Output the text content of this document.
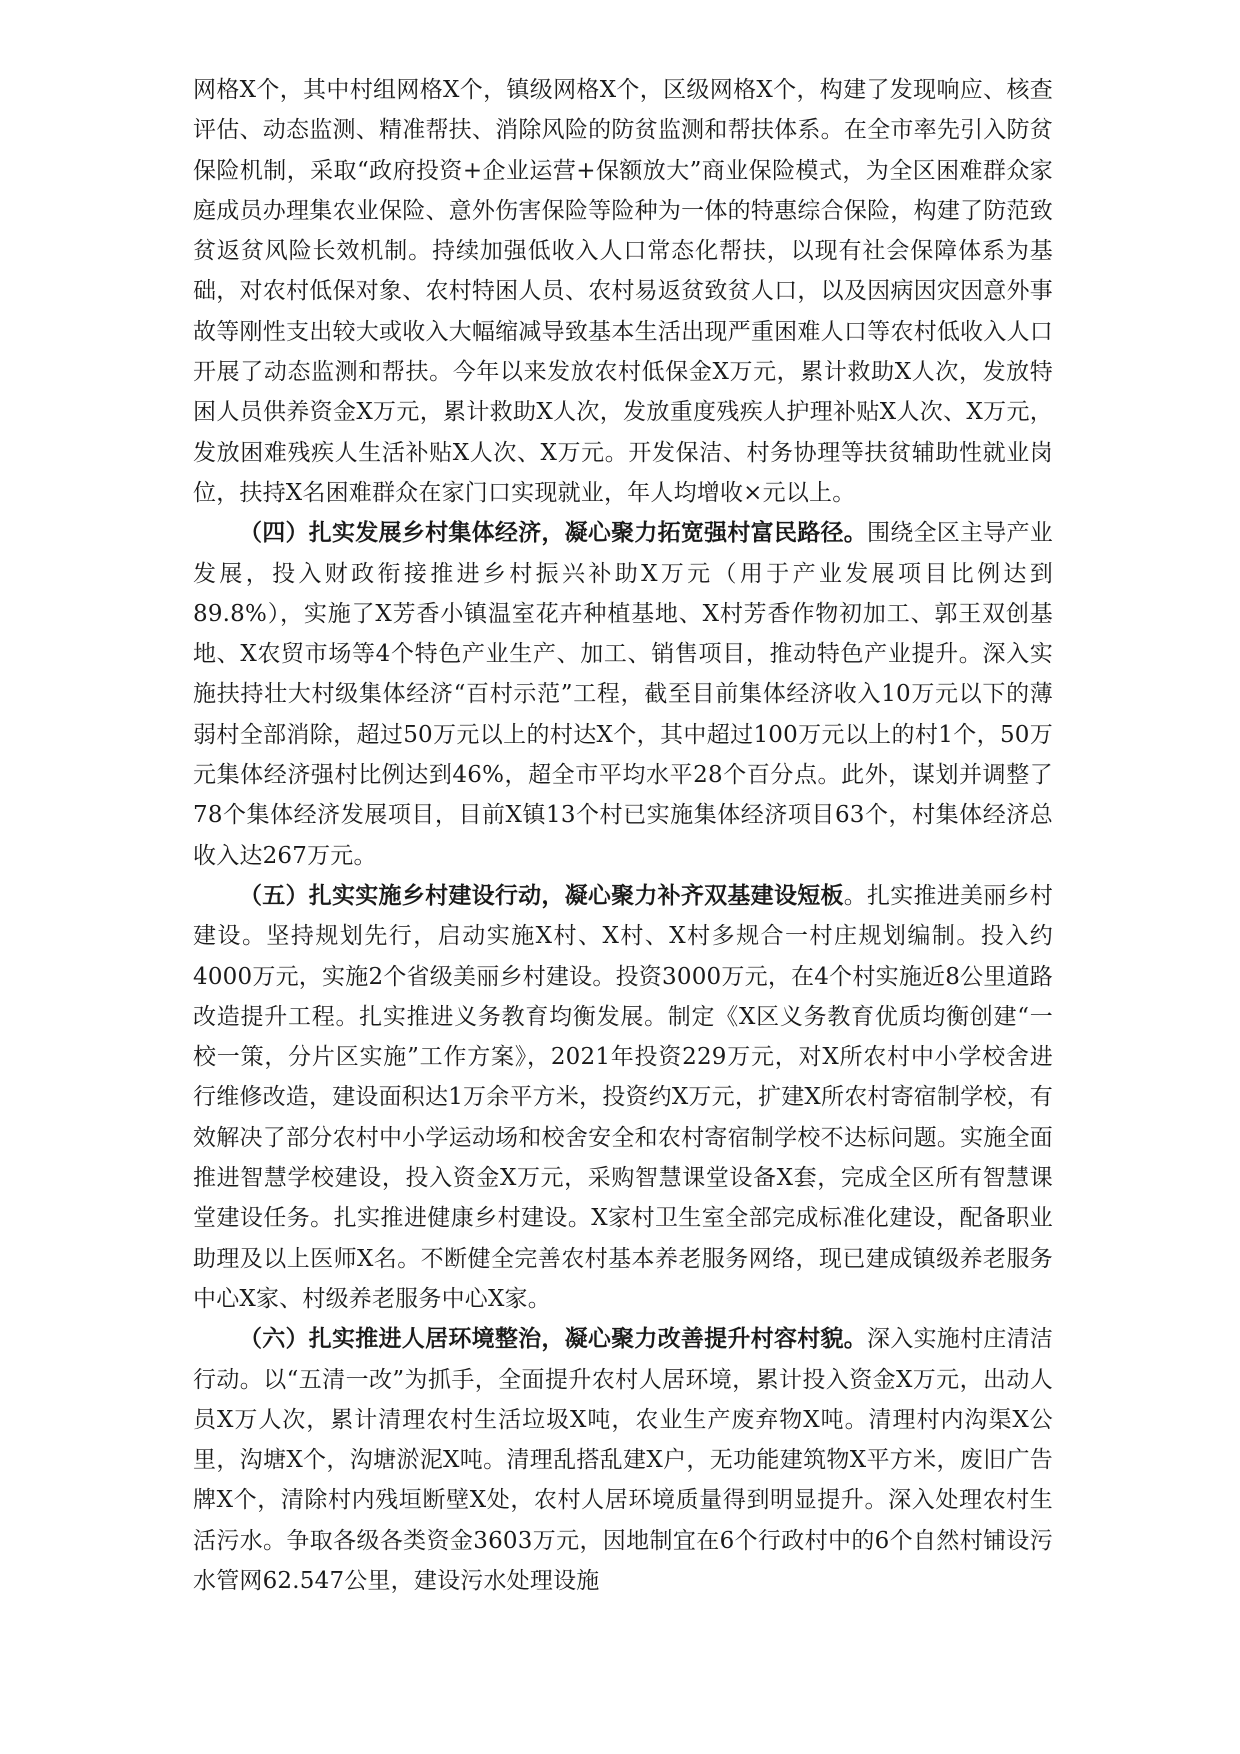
网格Ⅹ个，其中村组网格Ⅹ个，镇级网格Ⅹ个，区级网格Ⅹ个，构建了发现响应、核查评估、动态监测、精准帮扶、消除风险的防贫监测和帮扶体系。在全市率先引入防贫保险机制，采取“政府投资+企业运营+保额放大”商业保险模式，为全区困难群众家庭成员办理集农业保险、意外伤害保险等险种为一体的特惠综合保险，构建了防范致贫返贫风险长效机制。持续加强低收入人口常态化帮扶，以现有社会保障体系为基础，对农村低保对象、农村特困人员、农村易返贫致贫人口，以及因病因灾因意外事故等刚性支出较大或收入大幅缩减导致基本生活出现严重困难人口等农村低收入人口开展了动态监测和帮扶。今年以来发放农村低保金Ⅹ万元，累计救助Ⅹ人次，发放特困人员供养资金Ⅹ万元，累计救助Ⅹ人次，发放重度残疾人护理补贴Ⅹ人次、Ⅹ万元，发放困难残疾人生活补贴Ⅹ人次、Ⅹ万元。开发保洁、村务协理等扶贫辅助性就业岗位，扶持Ⅹ名困难群众在家门口实现就业，年人均增收×元以上。

（四）扎实发展乡村集体经济，凝心聚力拓宽强村富民路径。围绕全区主导产业发展，投入财政衔接推进乡村振兴补助Ⅹ万元（用于产业发展项目比例达到89.8%），实施了Ⅹ芳香小镇温室花卉种植基地、Ⅹ村芳香作物初加工、郭王双创基地、Ⅹ农贸市场等4个特色产业生产、加工、销售项目，推动特色产业提升。深入实施扶持壮大村级集体经济“百村示范”工程，截至目前集体经济收入10万元以下的薄弱村全部消除，超过50万元以上的村达Ⅹ个，其中超过100万元以上的村1个，50万元集体经济强村比例达到46%，超全市平均水平28个百分点。此外，谋划并调整了78个集体经济发展项目，目前Ⅹ镇13个村已实施集体经济项目63个，村集体经济总收入达267万元。

（五）扎实实施乡村建设行动，凝心聚力补齐双基建设短板。扎实推进美丽乡村建设。坚持规划先行，启动实施Ⅹ村、Ⅹ村、Ⅹ村多规合一村庄规划编制。投入约4000万元，实施2个省级美丽乡村建设。投资3000万元，在4个村实施近8公里道路改造提升工程。扎实推进义务教育均衡发展。制定《Ⅹ区义务教育优质均衡创建“一校一策，分片区实施”工作方案》，2021年投资229万元，对Ⅹ所农村中小学校舍进行维修改造，建设面积达1万余平方米，投资约Ⅹ万元，扩建Ⅹ所农村寄宿制学校，有效解决了部分农村中小学运动场和校舍安全和农村寄宿制学校不达标问题。实施全面推进智慧学校建设，投入资金Ⅹ万元，采购智慧课堂设备Ⅹ套，完成全区所有智慧课堂建设任务。扎实推进健康乡村建设。Ⅹ家村卫生室全部完成标准化建设，配备职业助理及以上医师Ⅹ名。不断健全完善农村基本养老服务网络，现已建成镇级养老服务中心Ⅹ家、村级养老服务中心Ⅹ家。

（六）扎实推进人居环境整治，凝心聚力改善提升村容村貌。深入实施村庄清洁行动。以“五清一改”为抓手，全面提升农村人居环境，累计投入资金Ⅹ万元，出动人员Ⅹ万人次，累计清理农村生活垃圾Ⅹ吨，农业生产废弃物Ⅹ吨。清理村内沟渠Ⅹ公里，沟塘Ⅹ个，沟塘淤泥Ⅹ吨。清理乱搭乱建Ⅹ户，无功能建筑物Ⅹ平方米，废旧广告牌Ⅹ个，清除村内残垣断壁Ⅹ处，农村人居环境质量得到明显提升。深入处理农村生活污水。争取各级各类资金3603万元，因地制宜在6个行政村中的6个自然村铺设污水管网62.547公里，建设污水处理设施
